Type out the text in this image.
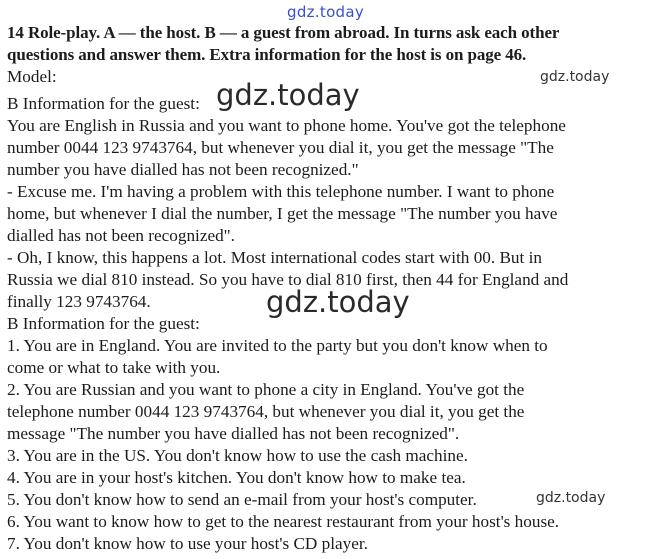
gdz.today
14 Role-play. A — the host. B — a guest from abroad. In turns ask each other
questions and answer them. Extra information for the host is on page 46.
Model:	gdz.today
B Information for the guest: gdz.today
You are English in Russia and you want to phone home. You've got the telephone
number 0044 123 9743764, but whenever you dial it, you get the message "The
number you have dialled has not been recognized."
- Excuse me. I'm having a problem with this telephone number. I want to phone
home, but whenever I dial the number, I get the message "The number you have
dialled has not been recognized".
- Oh, I know, this happens a lot. Most international codes start with 00. But in
Russia we dial 810 instead. So you have to dial 810 first, then 44 for England and
finally 123 9743764.	gdz.today
B Information for the guest:
1. You are in England. You are invited to the party but you don't know when to
come or what to take with you.
2. You are Russian and you want to phone a city in England. You've got the
telephone number 0044 123 9743764, but whenever you dial it, you get the
message "The number you have dialled has not been recognized".
3. You are in the US. You don't know how to use the cash machine.
4. You are in your host's kitchen. You don't know how to make tea.
5. You don't know how to send an e-mail from your host's computer.	gdz.today
6. You want to know how to get to the nearest restaurant from your host's house.
7. You don't know how to use your host's CD player.
